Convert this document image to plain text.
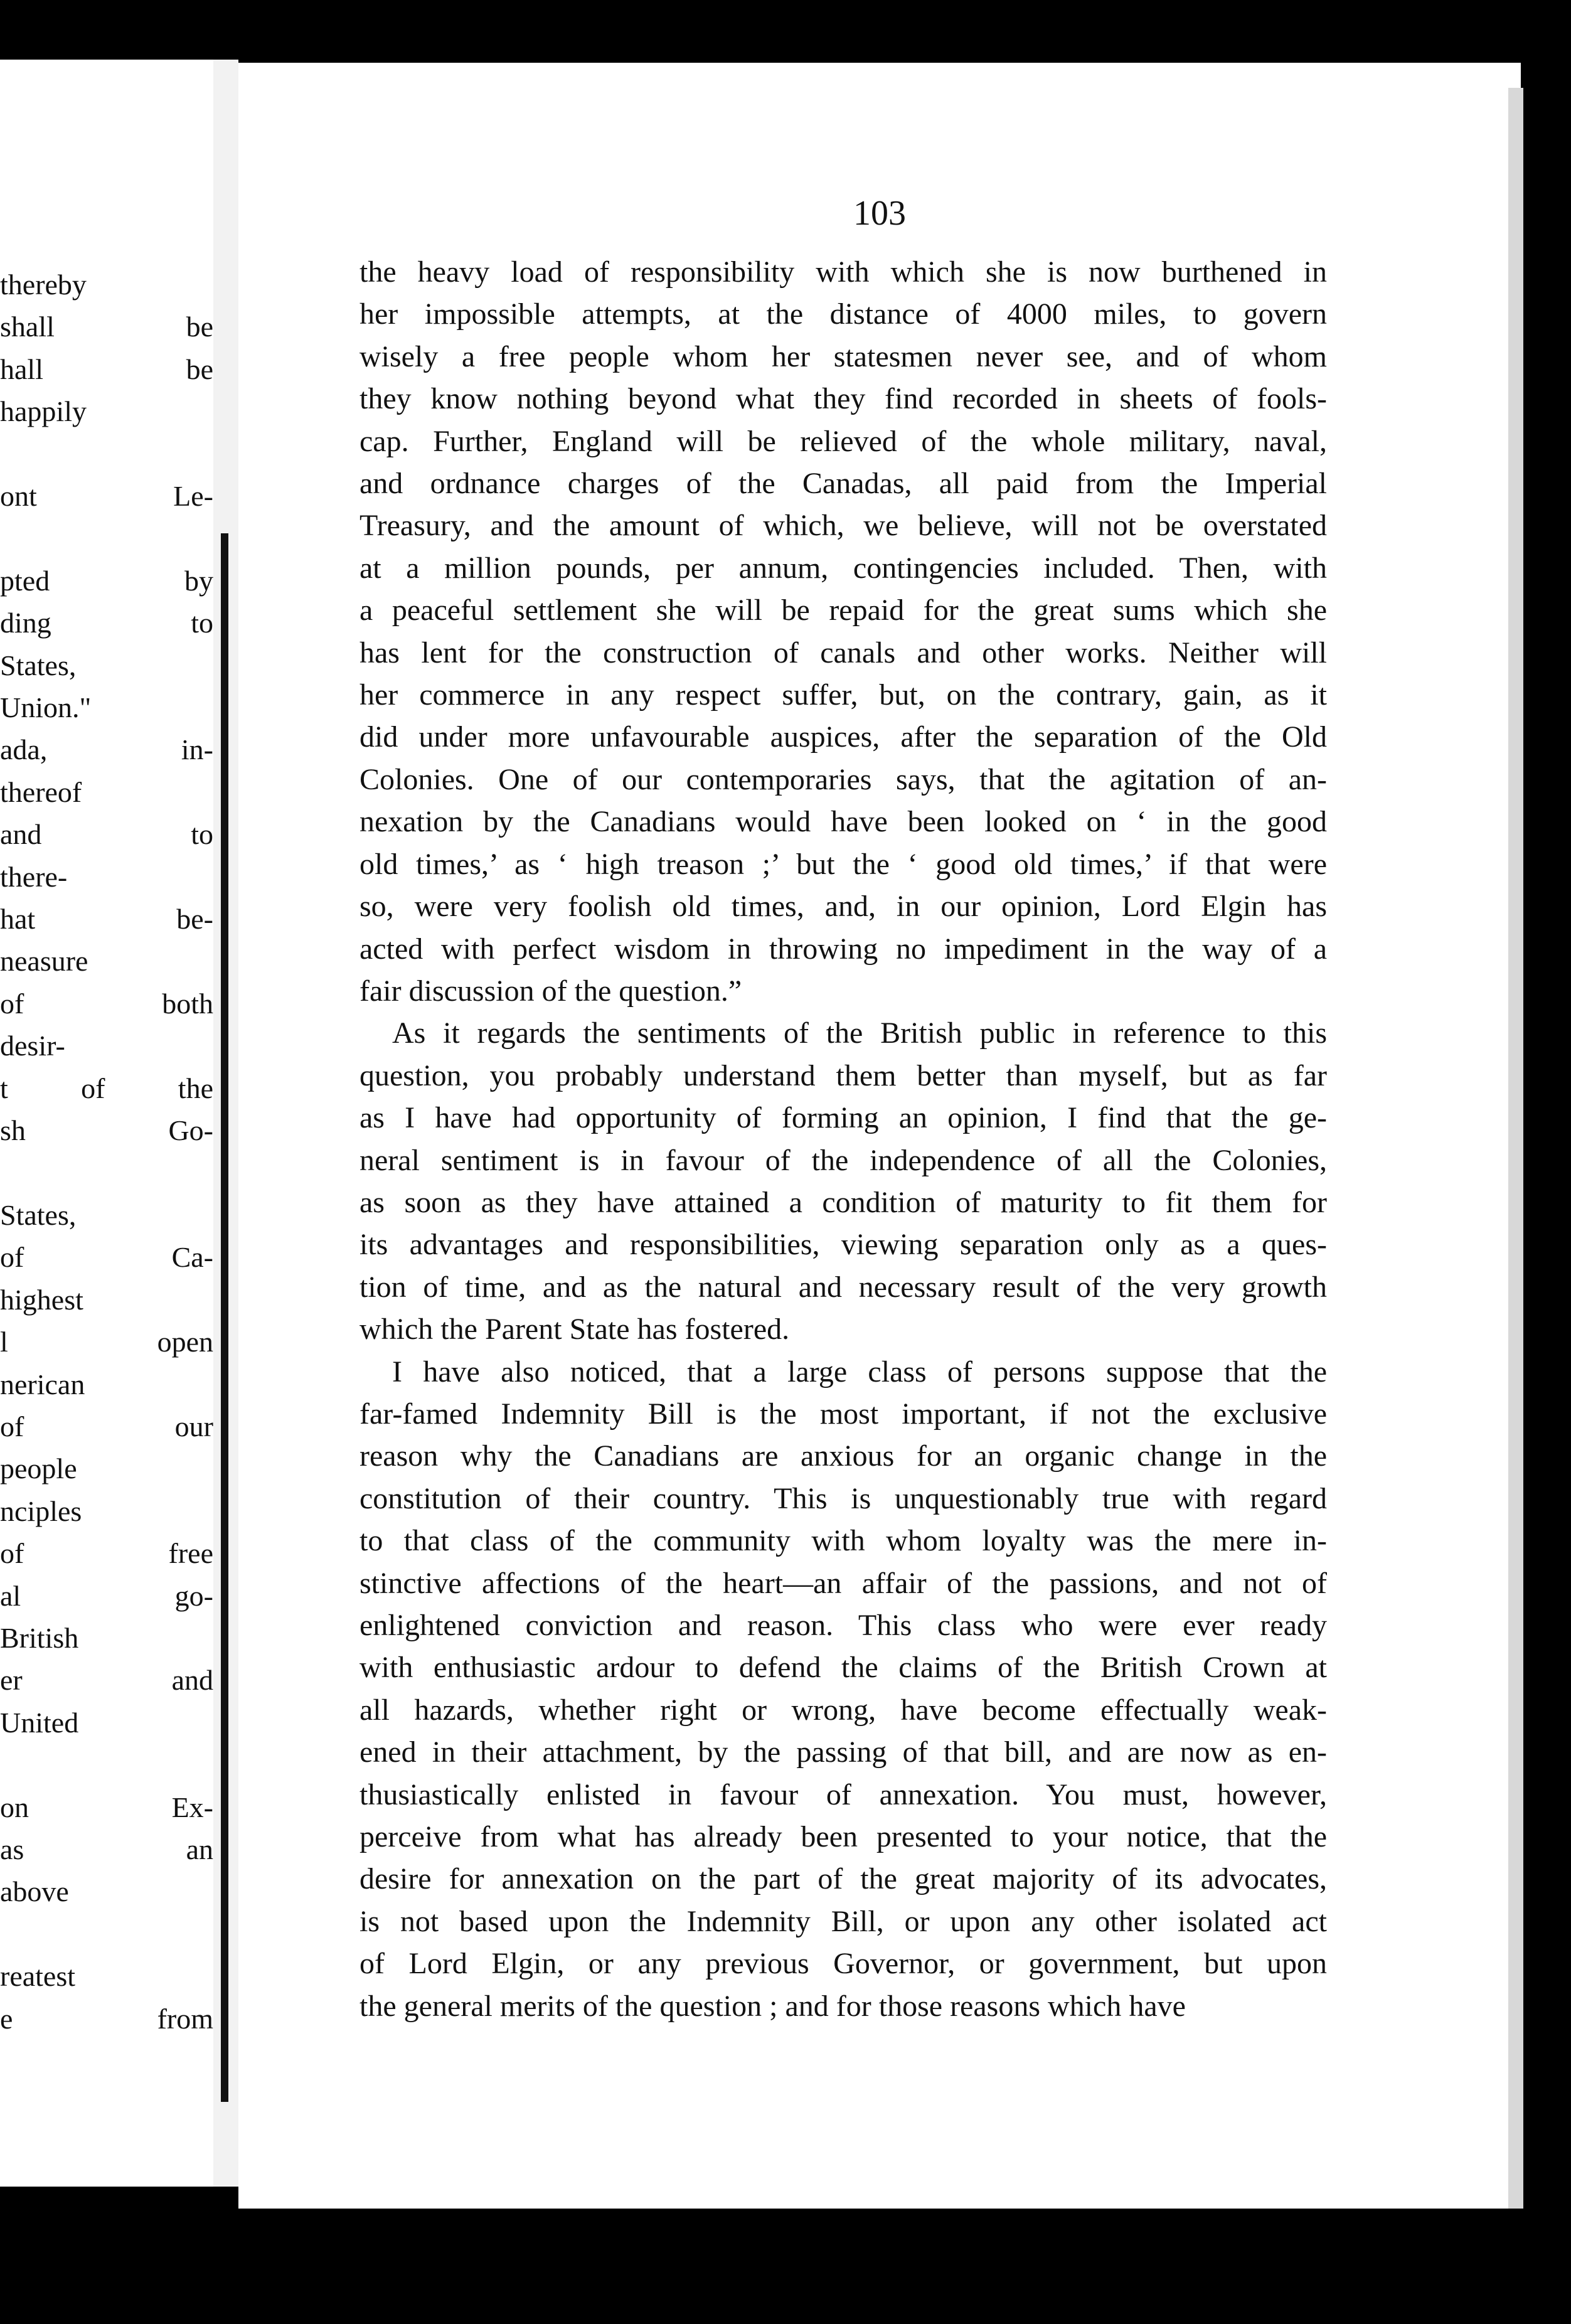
thereby
shall be
hall be
happily
ont Le-
pted by
ding to
States,
Union."
ada, in-
thereof
and to
there-
hat be-
neasure
of both
desir-
t of the
sh Go-
States,
of Ca-
highest
l open
nerican
of our
people
nciples
of free
al go-
British
er and
United
on Ex-
as an
above
reatest
e from
103
the heavy load of responsibility with which she is now burthened in
her impossible attempts, at the distance of 4000 miles, to govern
wisely a free people whom her statesmen never see, and of whom
they know nothing beyond what they find recorded in sheets of fools-
cap. Further, England will be relieved of the whole military, naval,
and ordnance charges of the Canadas, all paid from the Imperial
Treasury, and the amount of which, we believe, will not be overstated
at a million pounds, per annum, contingencies included. Then, with
a peaceful settlement she will be repaid for the great sums which she
has lent for the construction of canals and other works. Neither will
her commerce in any respect suffer, but, on the contrary, gain, as it
did under more unfavourable auspices, after the separation of the Old
Colonies. One of our contemporaries says, that the agitation of an-
nexation by the Canadians would have been looked on ‘ in the good
old times,’ as ‘ high treason ;’ but the ‘ good old times,’ if that were
so, were very foolish old times, and, in our opinion, Lord Elgin has
acted with perfect wisdom in throwing no impediment in the way of a
fair discussion of the question.”
As it regards the sentiments of the British public in reference to this
question, you probably understand them better than myself, but as far
as I have had opportunity of forming an opinion, I find that the ge-
neral sentiment is in favour of the independence of all the Colonies,
as soon as they have attained a condition of maturity to fit them for
its advantages and responsibilities, viewing separation only as a ques-
tion of time, and as the natural and necessary result of the very growth
which the Parent State has fostered.
I have also noticed, that a large class of persons suppose that the
far-famed Indemnity Bill is the most important, if not the exclusive
reason why the Canadians are anxious for an organic change in the
constitution of their country. This is unquestionably true with regard
to that class of the community with whom loyalty was the mere in-
stinctive affections of the heart—an affair of the passions, and not of
enlightened conviction and reason. This class who were ever ready
with enthusiastic ardour to defend the claims of the British Crown at
all hazards, whether right or wrong, have become effectually weak-
ened in their attachment, by the passing of that bill, and are now as en-
thusiastically enlisted in favour of annexation. You must, however,
perceive from what has already been presented to your notice, that the
desire for annexation on the part of the great majority of its advocates,
is not based upon the Indemnity Bill, or upon any other isolated act
of Lord Elgin, or any previous Governor, or government, but upon
the general merits of the question ; and for those reasons which have
